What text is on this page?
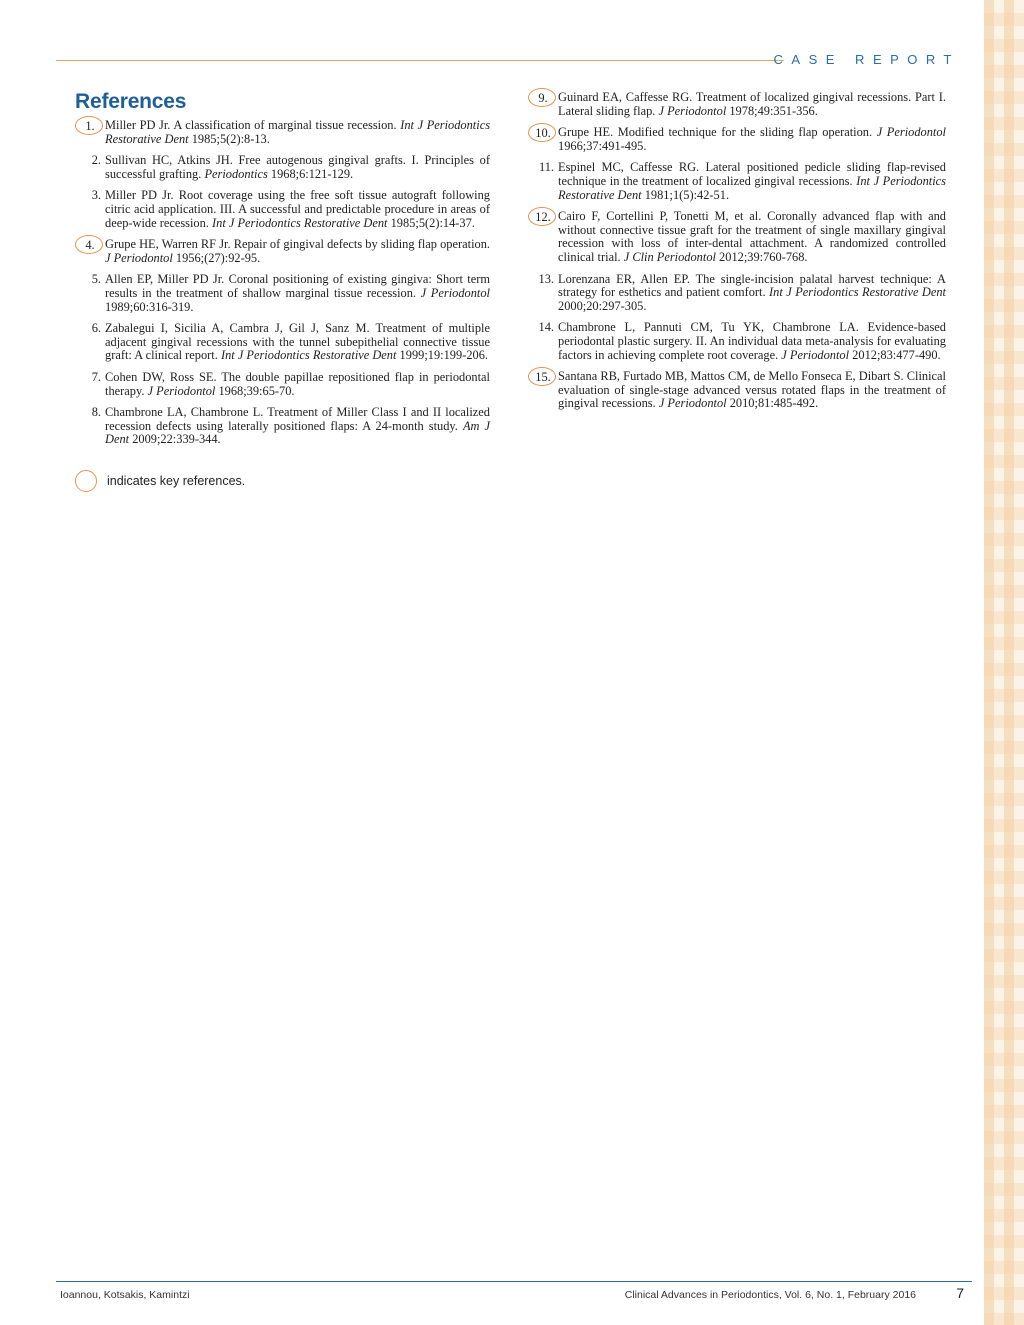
CASE REPORT
References
1. Miller PD Jr. A classification of marginal tissue recession. Int J Periodontics Restorative Dent 1985;5(2):8-13.
2. Sullivan HC, Atkins JH. Free autogenous gingival grafts. I. Principles of successful grafting. Periodontics 1968;6:121-129.
3. Miller PD Jr. Root coverage using the free soft tissue autograft following citric acid application. III. A successful and predictable procedure in areas of deep-wide recession. Int J Periodontics Restorative Dent 1985;5(2):14-37.
4. Grupe HE, Warren RF Jr. Repair of gingival defects by sliding flap operation. J Periodontol 1956;(27):92-95.
5. Allen EP, Miller PD Jr. Coronal positioning of existing gingiva: Short term results in the treatment of shallow marginal tissue recession. J Periodontol 1989;60:316-319.
6. Zabalegui I, Sicilia A, Cambra J, Gil J, Sanz M. Treatment of multiple adjacent gingival recessions with the tunnel subepithelial connective tissue graft: A clinical report. Int J Periodontics Restorative Dent 1999;19:199-206.
7. Cohen DW, Ross SE. The double papillae repositioned flap in periodontal therapy. J Periodontol 1968;39:65-70.
8. Chambrone LA, Chambrone L. Treatment of Miller Class I and II localized recession defects using laterally positioned flaps: A 24-month study. Am J Dent 2009;22:339-344.
9. Guinard EA, Caffesse RG. Treatment of localized gingival recessions. Part I. Lateral sliding flap. J Periodontol 1978;49:351-356.
10. Grupe HE. Modified technique for the sliding flap operation. J Periodontol 1966;37:491-495.
11. Espinel MC, Caffesse RG. Lateral positioned pedicle sliding flap-revised technique in the treatment of localized gingival recessions. Int J Periodontics Restorative Dent 1981;1(5):42-51.
12. Cairo F, Cortellini P, Tonetti M, et al. Coronally advanced flap with and without connective tissue graft for the treatment of single maxillary gingival recession with loss of inter-dental attachment. A randomized controlled clinical trial. J Clin Periodontol 2012;39:760-768.
13. Lorenzana ER, Allen EP. The single-incision palatal harvest technique: A strategy for esthetics and patient comfort. Int J Periodontics Restorative Dent 2000;20:297-305.
14. Chambrone L, Pannuti CM, Tu YK, Chambrone LA. Evidence-based periodontal plastic surgery. II. An individual data meta-analysis for evaluating factors in achieving complete root coverage. J Periodontol 2012;83:477-490.
15. Santana RB, Furtado MB, Mattos CM, de Mello Fonseca E, Dibart S. Clinical evaluation of single-stage advanced versus rotated flaps in the treatment of gingival recessions. J Periodontol 2010;81:485-492.
indicates key references.
Ioannou, Kotsakis, Kamintzi	Clinical Advances in Periodontics, Vol. 6, No. 1, February 2016	7
